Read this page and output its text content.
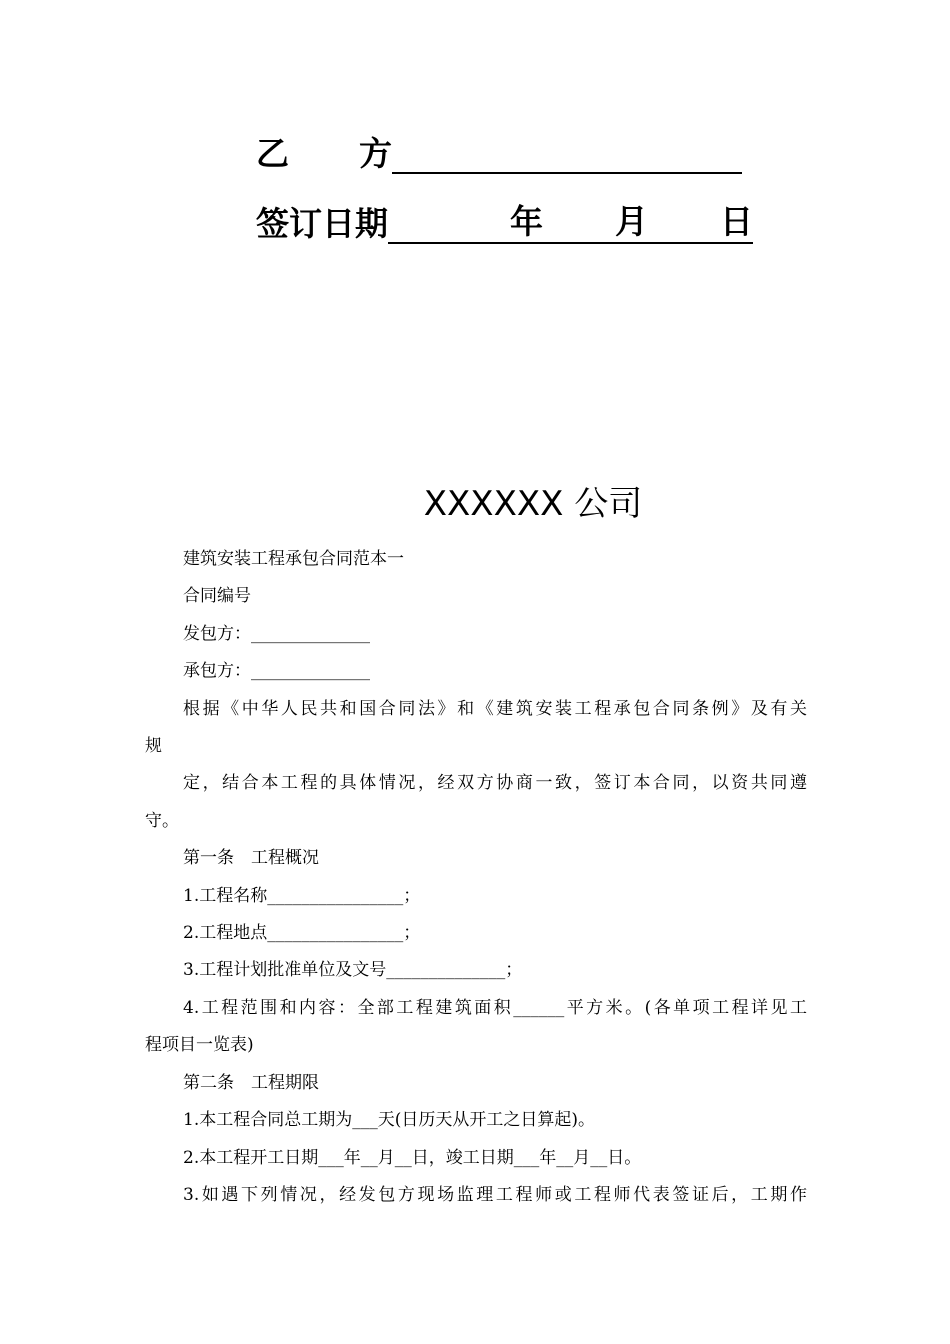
乙 方
签订日期	年 月 日
XXXXXX 公司

建筑安装工程承包合同范本一

合同编号

发包方：______________

承包方：______________

根据《中华人民共和国合同法》和《建筑安装工程承包合同条例》及有关

规

定，结合本工程的具体情况，经双方协商一致，签订本合同，以资共同遵

守。

第一条　工程概况

1.工程名称________________；

2.工程地点________________；

3.工程计划批准单位及文号______________；

4.工程范围和内容：全部工程建筑面积______平方米。(各单项工程详见工

程项目一览表)

第二条　工程期限

1.本工程合同总工期为___天(日历天从开工之日算起)。

2.本工程开工日期___年__月__日，竣工日期___年__月__日。

3.如遇下列情况，经发包方现场监理工程师或工程师代表签证后，工期作
